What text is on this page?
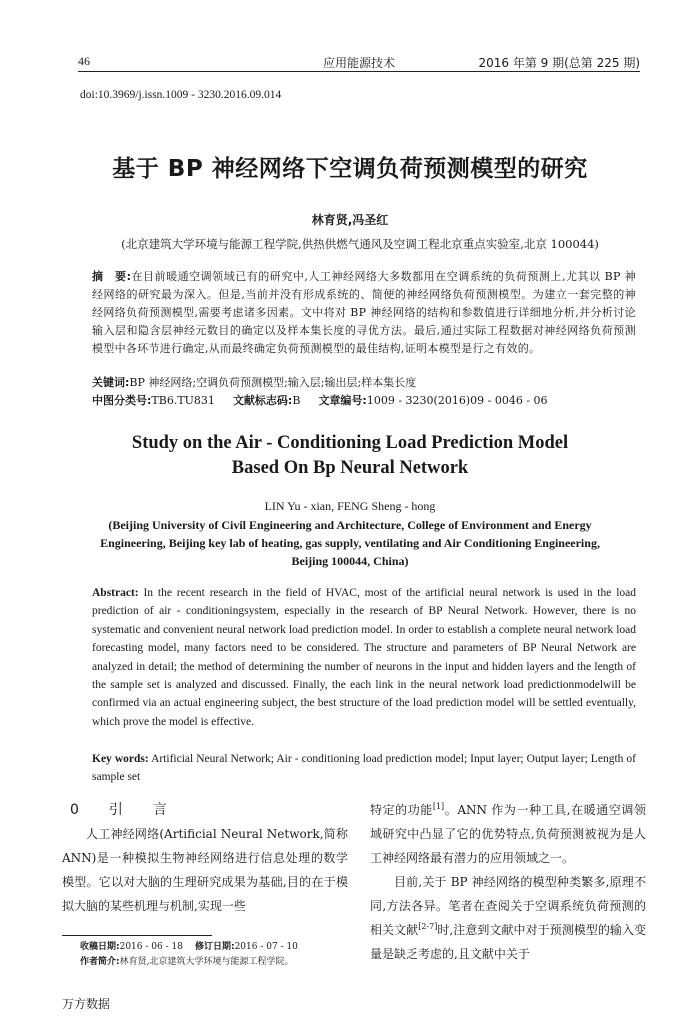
46	应用能源技术	2016 年第 9 期(总第 225 期)
doi:10.3969/j.issn.1009 - 3230.2016.09.014
基于 BP 神经网络下空调负荷预测模型的研究
林育贤,冯圣红
(北京建筑大学环境与能源工程学院,供热供燃气通风及空调工程北京重点实验室,北京 100044)
摘　要:在目前暖通空调领域已有的研究中,人工神经网络大多数都用在空调系统的负荷预测上,尤其以 BP 神经网络的研究最为深入。但是,当前并没有形成系统的、简便的神经网络负荷预测模型。为建立一套完整的神经网络负荷预测模型,需要考虑诸多因素。文中将对 BP 神经网络的结构和参数值进行详细地分析,并分析讨论输入层和隐含层神经元数目的确定以及样本集长度的寻优方法。最后,通过实际工程数据对神经网络负荷预测模型中各环节进行确定,从而最终确定负荷预测模型的最佳结构,证明本模型是行之有效的。
关键词:BP 神经网络;空调负荷预测模型;输入层;输出层;样本集长度
中图分类号:TB6.TU831 文献标志码:B 文章编号:1009 - 3230(2016)09 - 0046 - 06
Study on the Air - Conditioning Load Prediction Model
Based On Bp Neural Network
LIN Yu - xian, FENG Sheng - hong
(Beijing University of Civil Engineering and Architecture, College of Environment and Energy Engineering, Beijing key lab of heating, gas supply, ventilating and Air Conditioning Engineering, Beijing 100044, China)
Abstract: In the recent research in the field of HVAC, most of the artificial neural network is used in the load prediction of air - conditioningsystem, especially in the research of BP Neural Network. However, there is no systematic and convenient neural network load prediction model. In order to establish a complete neural network load forecasting model, many factors need to be considered. The structure and parameters of BP Neural Network are analyzed in detail; the method of determining the number of neurons in the input and hidden layers and the length of the sample set is analyzed and discussed. Finally, the each link in the neural network load predictionmodelwill be confirmed via an actual engineering subject, the best structure of the load prediction model will be settled eventually, which prove the model is effective.
Key words: Artificial Neural Network; Air - conditioning load prediction model; Input layer; Output layer; Length of sample set
0　引　言
人工神经网络(Artificial Neural Network,简称 ANN)是一种模拟生物神经网络进行信息处理的数学模型。它以对大脑的生理研究成果为基础,目的在于模拟大脑的某些机理与机制,实现一些
特定的功能[1]。ANN 作为一种工具,在暖通空调领域研究中凸显了它的优势特点,负荷预测被视为是人工神经网络最有潜力的应用领域之一。
目前,关于 BP 神经网络的模型种类繁多,原理不同,方法各异。笔者在查阅关于空调系统负荷预测的相关文献[2-7]时,注意到文献中对于预测模型的输入变量是缺乏考虑的,且文献中关于
收稿日期:2016 - 06 - 18 修订日期:2016 - 07 - 10
作者简介:林育贤,北京建筑大学环境与能源工程学院。
万方数据
